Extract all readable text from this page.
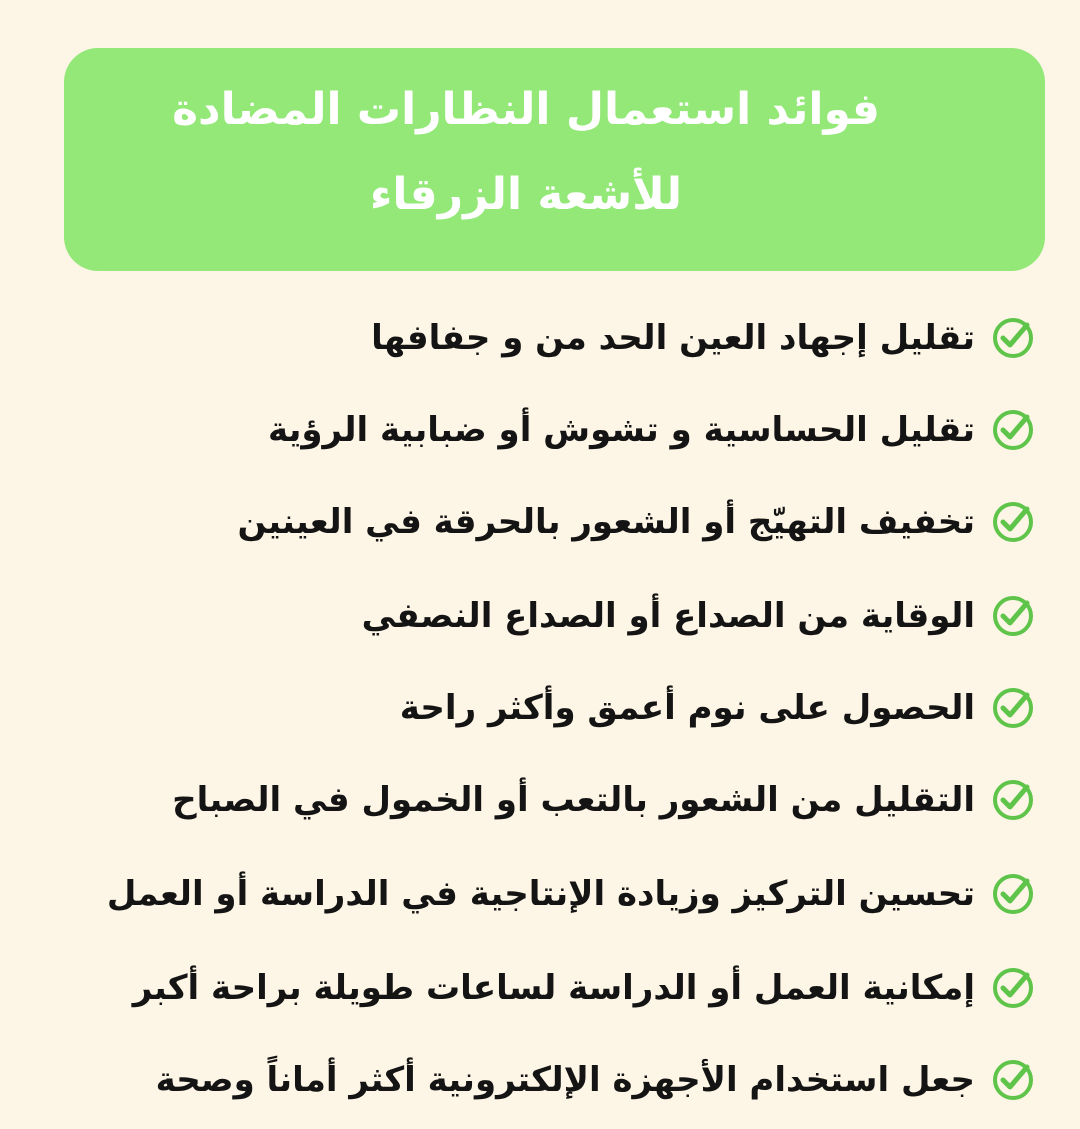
فوائد استعمال النظارات المضادة
للأشعة الزرقاء
تقليل إجهاد العين الحد من و جفافها
تقليل الحساسية و تشوش أو ضبابية الرؤية
تخفيف التهيّج أو الشعور بالحرقة في العينين
الوقاية من الصداع أو الصداع النصفي
الحصول على نوم أعمق وأكثر راحة
التقليل من الشعور بالتعب أو الخمول في الصباح
تحسين التركيز وزيادة الإنتاجية في الدراسة أو العمل
إمكانية العمل أو الدراسة لساعات طويلة براحة أكبر
جعل استخدام الأجهزة الإلكترونية أكثر أماناً وصحة
